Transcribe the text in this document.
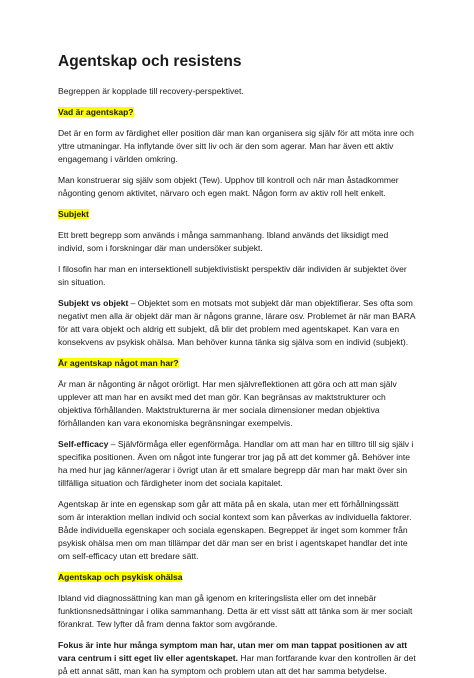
Agentskap och resistens

Begreppen är kopplade till recovery-perspektivet.

Vad är agentskap?

Det är en form av färdighet eller position där man kan organisera sig själv för att möta inre och yttre utmaningar. Ha inflytande över sitt liv och är den som agerar. Man har även ett aktiv engagemang i världen omkring.

Man konstruerar sig själv som objekt (Tew). Upphov till kontroll och när man åstadkommer någonting genom aktivitet, närvaro och egen makt. Någon form av aktiv roll helt enkelt.

Subjekt

Ett brett begrepp som används i många sammanhang. Ibland används det liksidigt med individ, som i forskningar där man undersöker subjekt.

I filosofin har man en intersektionell subjektivistiskt perspektiv där individen är subjektet över sin situation.

Subjekt vs objekt – Objektet som en motsats mot subjekt där man objektifierar. Ses ofta som negativt men alla är objekt där man är någons granne, lärare osv. Problemet är när man BARA för att vara objekt och aldrig ett subjekt, då blir det problem med agentskapet. Kan vara en konsekvens av psykisk ohälsa. Man behöver kunna tänka sig själva som en individ (subjekt).

Är agentskap något man har?

Är man är någonting är något orörligt. Har men självreflektionen att göra och att man själv upplever att man har en avsikt med det man gör. Kan begränsas av maktstrukturer och objektiva förhållanden. Maktstrukturerna är mer sociala dimensioner medan objektiva förhållanden kan vara ekonomiska begränsningar exempelvis.

Self-efficacy – Självförmåga eller egenförmåga. Handlar om att man har en tilltro till sig själv i specifika positionen. Även om något inte fungerar tror jag på att det kommer gå. Behöver inte ha med hur jag känner/agerar i övrigt utan är ett smalare begrepp där man har makt över sin tillfälliga situation och färdigheter inom det sociala kapitalet.

Agentskap är inte en egenskap som går att mäta på en skala, utan mer ett förhållningssätt som är interaktion mellan individ och social kontext som kan påverkas av individuella faktorer. Både individuella egenskaper och sociala egenskapen. Begreppet är inget som kommer från psykisk ohälsa men om man tillämpar det där man ser en brist i agentskapet handlar det inte om self-efficacy utan ett bredare sätt.

Agentskap och psykisk ohälsa

Ibland vid diagnossättning kan man gå igenom en kriteringslista eller om det innebär funktionsnedsättningar i olika sammanhang. Detta är ett visst sätt att tänka som är mer socialt förankrat. Tew lyfter då fram denna faktor som avgörande.

Fokus är inte hur många symptom man har, utan mer om man tappat positionen av att vara centrum i sitt eget liv eller agentskapet. Har man fortfarande kvar den kontrollen är det på ett annat sätt, man kan ha symptom och problem utan att det har samma betydelse.
